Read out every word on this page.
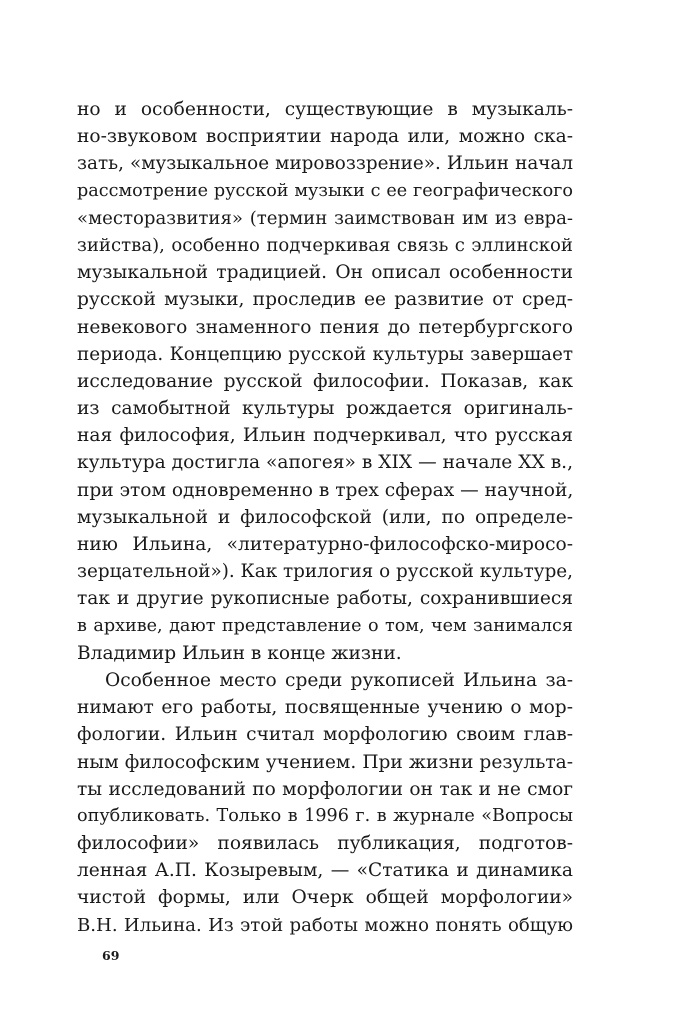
но и особенности, существующие в музыкаль-
но-звуковом восприятии народа или, можно ска-
зать, «музыкальное мировоззрение». Ильин начал
рассмотрение русской музыки с ее географического
«месторазвития» (термин заимствован им из евра-
зийства), особенно подчеркивая связь с эллинской
музыкальной традицией. Он описал особенности
русской музыки, проследив ее развитие от сред-
невекового знаменного пения до петербургского
периода. Концепцию русской культуры завершает
исследование русской философии. Показав, как
из самобытной культуры рождается оригиналь-
ная философия, Ильин подчеркивал, что русская
культура достигла «апогея» в XIX — начале XX в.,
при этом одновременно в трех сферах — научной,
музыкальной и философской (или, по определе-
нию Ильина, «литературно-философско-миросо-
зерцательной»). Как трилогия о русской культуре,
так и другие рукописные работы, сохранившиеся
в архиве, дают представление о том, чем занимался
Владимир Ильин в конце жизни.
Особенное место среди рукописей Ильина за-
нимают его работы, посвященные учению о мор-
фологии. Ильин считал морфологию своим глав-
ным философским учением. При жизни результа-
ты исследований по морфологии он так и не смог
опубликовать. Только в 1996 г. в журнале «Вопросы
философии» появилась публикация, подготов-
ленная А.П. Козыревым, — «Статика и динамика
чистой формы, или Очерк общей морфологии»
В.Н. Ильина. Из этой работы можно понять общую
69
